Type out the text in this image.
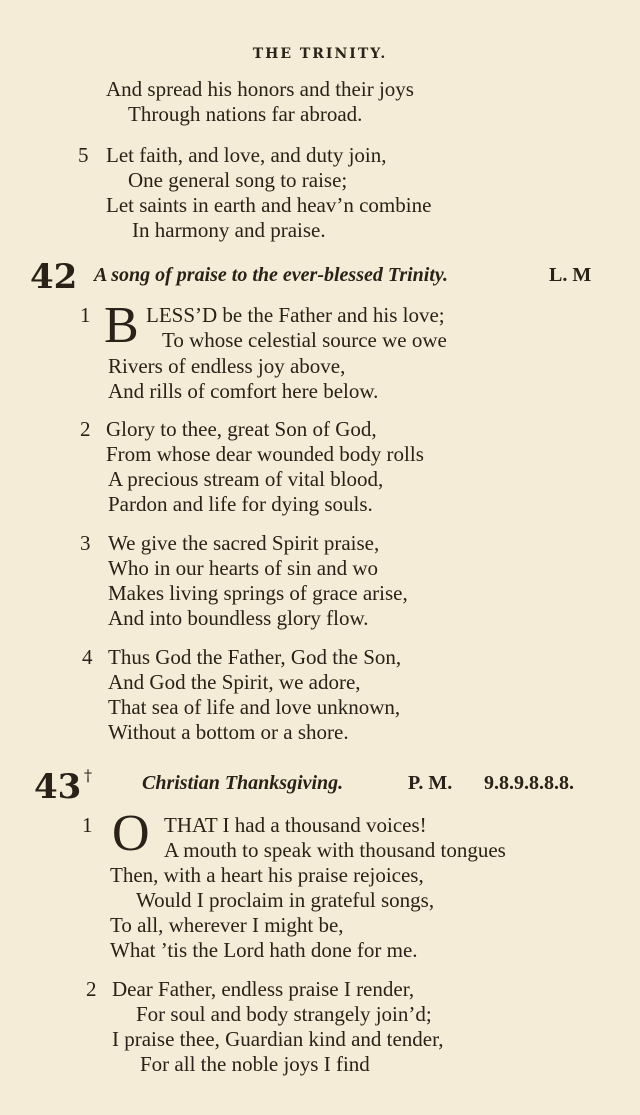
THE TRINITY.
And spread his honors and their joys
Through nations far abroad.
5 Let faith, and love, and duty join,
One general song to raise;
Let saints in earth and heav’n combine
In harmony and praise.
42 A song of praise to the ever-blessed Trinity.	L. M
1 B LESS’D be the Father and his love;
To whose celestial source we owe
Rivers of endless joy above,
And rills of comfort here below.
2 Glory to thee, great Son of God,
From whose dear wounded body rolls
A precious stream of vital blood,
Pardon and life for dying souls.
3 We give the sacred Spirit praise,
Who in our hearts of sin and wo
Makes living springs of grace arise,
And into boundless glory flow.
4 Thus God the Father, God the Son,
And God the Spirit, we adore,
That sea of life and love unknown,
Without a bottom or a shore.
43 †	Christian Thanksgiving.	P. M. 9.8.9.8.8.8.
1 O THAT I had a thousand voices!
A mouth to speak with thousand tongues
Then, with a heart his praise rejoices,
Would I proclaim in grateful songs,
To all, wherever I might be,
What ’tis the Lord hath done for me.
2 Dear Father, endless praise I render,
For soul and body strangely join’d;
I praise thee, Guardian kind and tender,
For all the noble joys I find
